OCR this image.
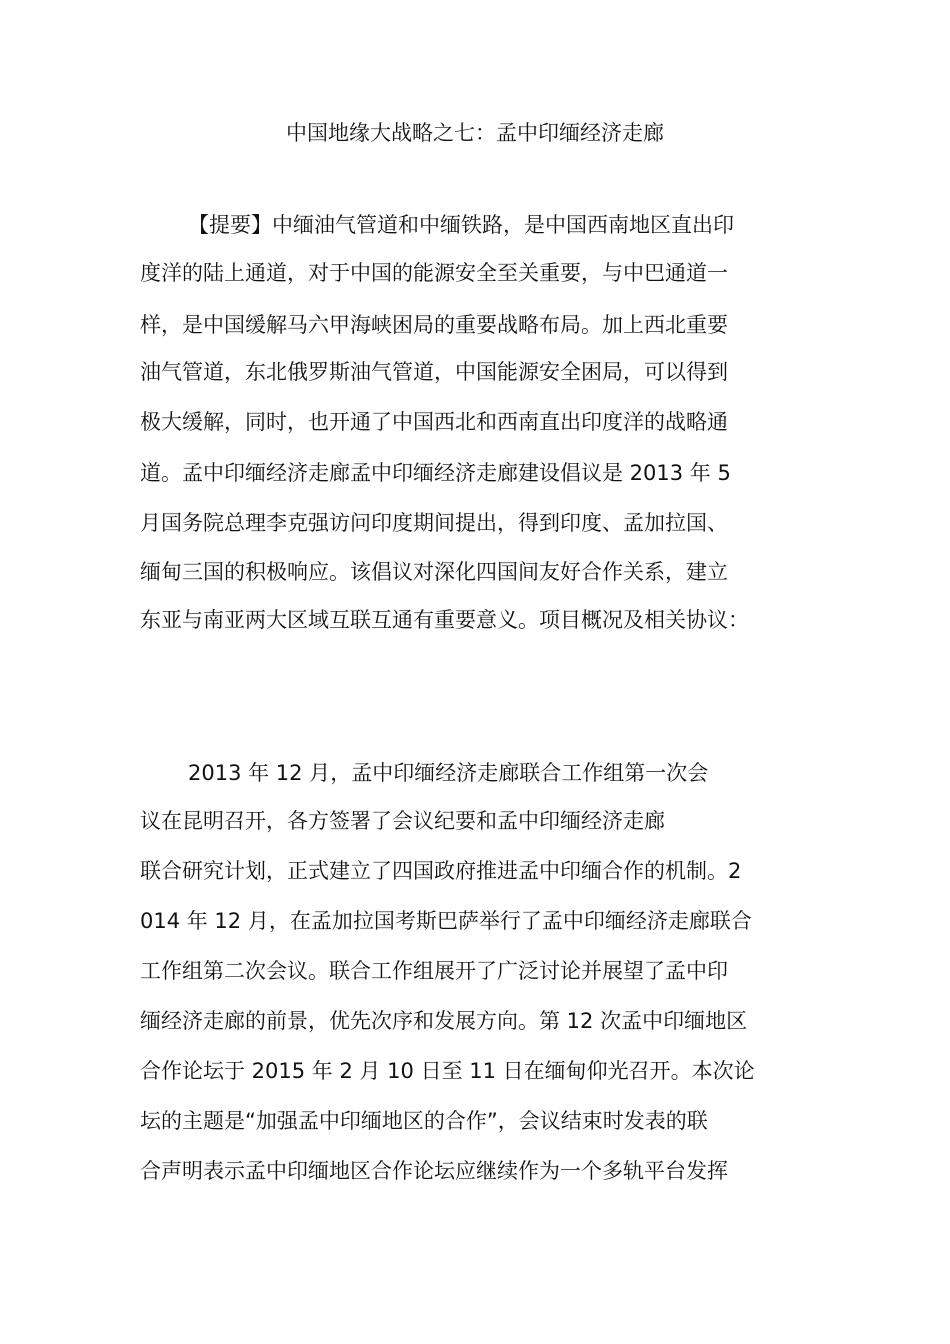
中国地缘大战略之七：孟中印缅经济走廊
【提要】中缅油气管道和中缅铁路，是中国西南地区直出印
度洋的陆上通道，对于中国的能源安全至关重要，与中巴通道一
样，是中国缓解马六甲海峡困局的重要战略布局。加上西北重要
油气管道，东北俄罗斯油气管道，中国能源安全困局，可以得到
极大缓解，同时，也开通了中国西北和西南直出印度洋的战略通
道。孟中印缅经济走廊孟中印缅经济走廊建设倡议是 2013 年 5
月国务院总理李克强访问印度期间提出，得到印度、孟加拉国、
缅甸三国的积极响应。该倡议对深化四国间友好合作关系，建立
东亚与南亚两大区域互联互通有重要意义。项目概况及相关协议：
2013 年 12 月，孟中印缅经济走廊联合工作组第一次会
议在昆明召开，各方签署了会议纪要和孟中印缅经济走廊
联合研究计划，正式建立了四国政府推进孟中印缅合作的机制。2
014 年 12 月，在孟加拉国考斯巴萨举行了孟中印缅经济走廊联合
工作组第二次会议。联合工作组展开了广泛讨论并展望了孟中印
缅经济走廊的前景，优先次序和发展方向。第 12 次孟中印缅地区
合作论坛于 2015 年 2 月 10 日至 11 日在缅甸仰光召开。本次论
坛的主题是“加强孟中印缅地区的合作”，会议结束时发表的联
合声明表示孟中印缅地区合作论坛应继续作为一个多轨平台发挥
